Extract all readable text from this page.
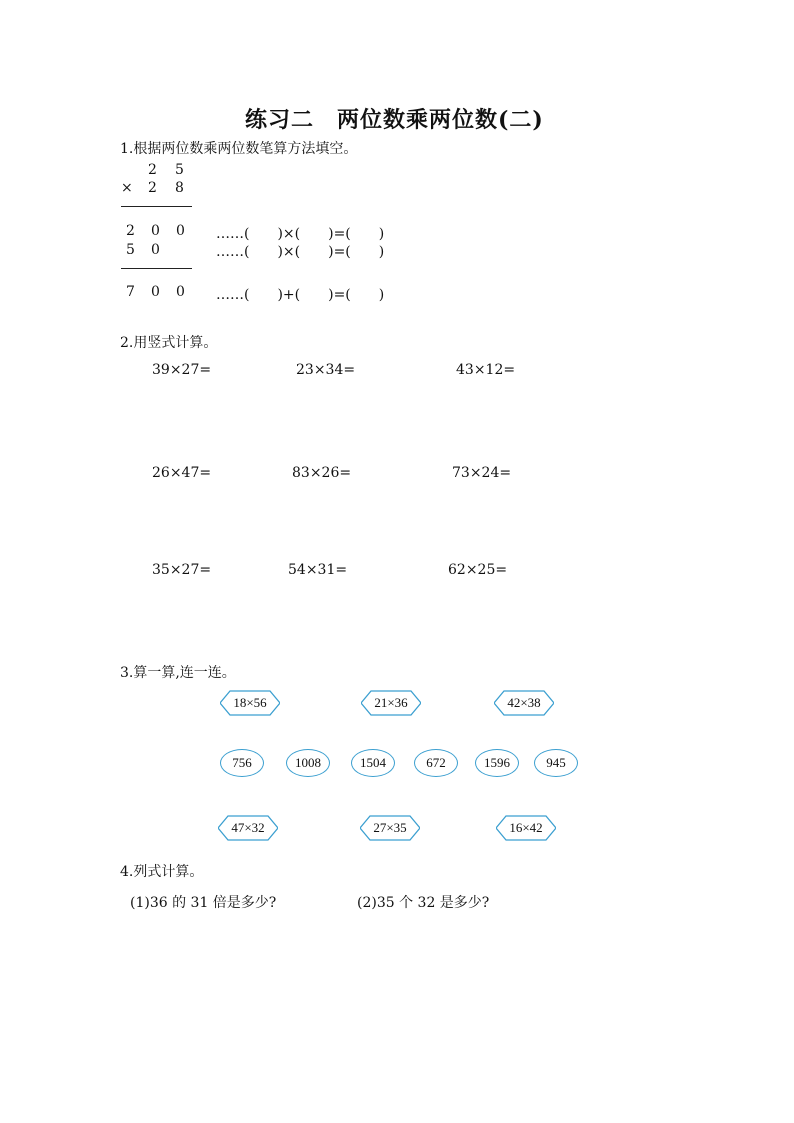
练习二　两位数乘两位数(二)
1.根据两位数乘两位数笔算方法填空。
2 5
× 2 8
2 0 0
5 0
7 0 0
……(　　)×(　　)=(　　)
……(　　)×(　　)=(　　)
……(　　)+(　　)=(　　)
2.用竖式计算。
39×27=	23×34=	43×12=
26×47=	83×26=	73×24=
35×27=	54×31=	62×25=
3.算一算,连一连。
18×56	21×36	42×38
756	1008	1504	672	1596	945
47×32	27×35	16×42
4.列式计算。
(1)36 的 31 倍是多少?	(2)35 个 32 是多少?
